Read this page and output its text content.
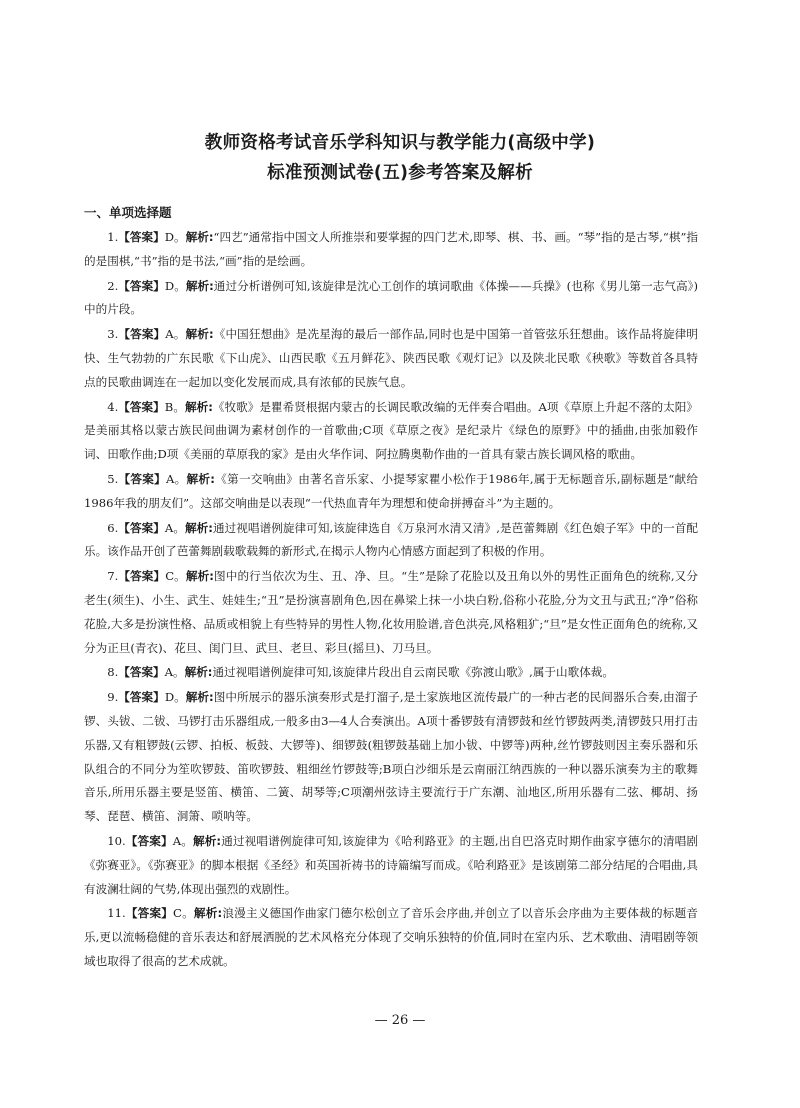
教师资格考试音乐学科知识与教学能力(高级中学)
标准预测试卷(五)参考答案及解析
一、单项选择题

1.【答案】D。解析:“四艺”通常指中国文人所推崇和要掌握的四门艺术,即琴、棋、书、画。“琴”指的是古琴,“棋”指的是围棋,“书”指的是书法,“画”指的是绘画。

2.【答案】D。解析:通过分析谱例可知,该旋律是沈心工创作的填词歌曲《体操——兵操》(也称《男儿第一志气高》)中的片段。

3.【答案】A。解析:《中国狂想曲》是冼星海的最后一部作品,同时也是中国第一首管弦乐狂想曲。该作品将旋律明快、生气勃勃的广东民歌《下山虎》、山西民歌《五月鲜花》、陕西民歌《观灯记》以及陕北民歌《秧歌》等数首各具特点的民歌曲调连在一起加以变化发展而成,具有浓郁的民族气息。

4.【答案】B。解析:《牧歌》是瞿希贤根据内蒙古的长调民歌改编的无伴奏合唱曲。A项《草原上升起不落的太阳》是美丽其格以蒙古族民间曲调为素材创作的一首歌曲;C项《草原之夜》是纪录片《绿色的原野》中的插曲,由张加毅作词、田歌作曲;D项《美丽的草原我的家》是由火华作词、阿拉腾奥勒作曲的一首具有蒙古族长调风格的歌曲。

5.【答案】A。解析:《第一交响曲》由著名音乐家、小提琴家瞿小松作于1986年,属于无标题音乐,副标题是“献给1986年我的朋友们”。这部交响曲是以表现“一代热血青年为理想和使命拼搏奋斗”为主题的。

6.【答案】A。解析:通过视唱谱例旋律可知,该旋律选自《万泉河水清又清》,是芭蕾舞剧《红色娘子军》中的一首配乐。该作品开创了芭蕾舞剧载歌载舞的新形式,在揭示人物内心情感方面起到了积极的作用。

7.【答案】C。解析:图中的行当依次为生、丑、净、旦。“生”是除了花脸以及丑角以外的男性正面角色的统称,又分老生(须生)、小生、武生、娃娃生;“丑”是扮演喜剧角色,因在鼻梁上抹一小块白粉,俗称小花脸,分为文丑与武丑;“净”俗称花脸,大多是扮演性格、品质或相貌上有些特异的男性人物,化妆用脸谱,音色洪亮,风格粗犷;“旦”是女性正面角色的统称,又分为正旦(青衣)、花旦、闺门旦、武旦、老旦、彩旦(摇旦)、刀马旦。

8.【答案】A。解析:通过视唱谱例旋律可知,该旋律片段出自云南民歌《弥渡山歌》,属于山歌体裁。

9.【答案】D。解析:图中所展示的器乐演奏形式是打溜子,是土家族地区流传最广的一种古老的民间器乐合奏,由溜子锣、头钹、二钹、马锣打击乐器组成,一般多由3—4人合奏演出。A项十番锣鼓有清锣鼓和丝竹锣鼓两类,清锣鼓只用打击乐器,又有粗锣鼓(云锣、拍板、板鼓、大锣等)、细锣鼓(粗锣鼓基础上加小钹、中锣等)两种,丝竹锣鼓则因主奏乐器和乐队组合的不同分为笙吹锣鼓、笛吹锣鼓、粗细丝竹锣鼓等;B项白沙细乐是云南丽江纳西族的一种以器乐演奏为主的歌舞音乐,所用乐器主要是竖笛、横笛、二簧、胡琴等;C项潮州弦诗主要流行于广东潮、汕地区,所用乐器有二弦、椰胡、扬琴、琵琶、横笛、洞箫、唢呐等。

10.【答案】A。解析:通过视唱谱例旋律可知,该旋律为《哈利路亚》的主题,出自巴洛克时期作曲家亨德尔的清唱剧《弥赛亚》。《弥赛亚》的脚本根据《圣经》和英国祈祷书的诗篇编写而成。《哈利路亚》是该剧第二部分结尾的合唱曲,具有波澜壮阔的气势,体现出强烈的戏剧性。

11.【答案】C。解析:浪漫主义德国作曲家门德尔松创立了音乐会序曲,并创立了以音乐会序曲为主要体裁的标题音乐,更以流畅稳健的音乐表达和舒展洒脱的艺术风格充分体现了交响乐独特的价值,同时在室内乐、艺术歌曲、清唱剧等领域也取得了很高的艺术成就。

— 26 —
